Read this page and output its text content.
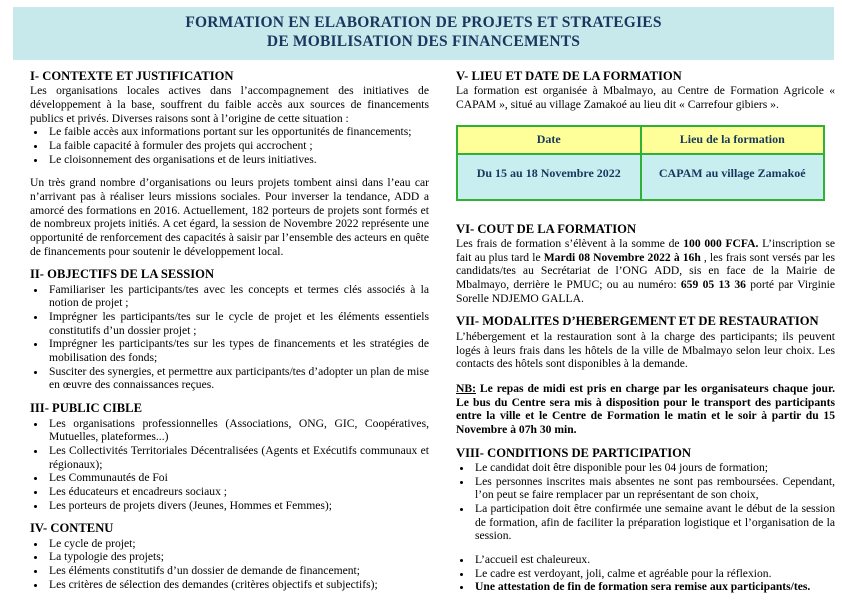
FORMATION EN ELABORATION DE PROJETS ET STRATEGIES
DE MOBILISATION DES FINANCEMENTS
I- CONTEXTE ET JUSTIFICATION

Les organisations locales actives dans l’accompagnement des initiatives de développement à la base, souffrent du faible accès aux sources de financements publics et privés. Diverses raisons sont à l’origine de cette situation :

• Le faible accès aux informations portant sur les opportunités de financements;
• La faible capacité à formuler des projets qui accrochent ;
• Le cloisonnement des organisations et de leurs initiatives.

Un très grand nombre d’organisations ou leurs projets tombent ainsi dans l’eau car n’arrivant pas à réaliser leurs missions sociales. Pour inverser la tendance, ADD a amorcé des formations en 2016. Actuellement, 182 porteurs de projets sont formés et de nombreux projets initiés. A cet égard, la session de Novembre 2022 représente une opportunité de renforcement des capacités à saisir par l’ensemble des acteurs en quête de financements pour soutenir le développement local.

II- OBJECTIFS DE LA SESSION
• Familiariser les participants/tes avec les concepts et termes clés associés à la notion de projet ;
• Imprégner les participants/tes sur le cycle de projet et les éléments essentiels constitutifs d’un dossier projet ;
• Imprégner les participants/tes sur les types de financements et les stratégies de mobilisation des fonds;
• Susciter des synergies, et permettre aux participants/tes d’adopter un plan de mise en œuvre des connaissances reçues.
III- PUBLIC CIBLE
• Les organisations professionnelles (Associations, ONG, GIC, Coopératives, Mutuelles, plateformes...)
• Les Collectivités Territoriales Décentralisées (Agents et Exécutifs communaux et régionaux);
• Les Communautés de Foi
• Les éducateurs et encadreurs sociaux ;
• Les porteurs de projets divers (Jeunes, Hommes et Femmes);
IV- CONTENU
• Le cycle de projet;
• La typologie des projets;
• Les éléments constitutifs d’un dossier de demande de financement;
• Les critères de sélection des demandes (critères objectifs et subjectifs);
V- LIEU ET DATE DE LA FORMATION

La formation est organisée à Mbalmayo, au Centre de Formation Agricole « CAPAM », situé au village Zamakoé au lieu dit « Carrefour gibiers ».

Date	Lieu de la formation
Du 15 au 18 Novembre 2022	CAPAM au village Zamakoé
VI- COUT DE LA FORMATION

Les frais de formation s’élèvent à la somme de 100 000 FCFA. L’inscription se fait au plus tard le Mardi 08 Novembre 2022 à 16h , les frais sont versés par les candidats/tes au Secrétariat de l’ONG ADD, sis en face de la Mairie de Mbalmayo, derrière le PMUC; ou au numéro: 659 05 13 36 porté par Virginie Sorelle NDJEMO GALLA.

VII- MODALITES D’HEBERGEMENT ET DE RESTAURATION

L’hébergement et la restauration sont à la charge des participants; ils peuvent logés à leurs frais dans les hôtels de la ville de Mbalmayo selon leur choix. Les contacts des hôtels sont disponibles à la demande.

NB: Le repas de midi est pris en charge par les organisateurs chaque jour. Le bus du Centre sera mis à disposition pour le transport des participants entre la ville et le Centre de Formation le matin et le soir à partir du 15 Novembre à 07h 30 min.

VIII- CONDITIONS DE PARTICIPATION
• Le candidat doit être disponible pour les 04 jours de formation;
• Les personnes inscrites mais absentes ne sont pas remboursées. Cependant, l’on peut se faire remplacer par un représentant de son choix,
• La participation doit être confirmée une semaine avant le début de la session de formation, afin de faciliter la préparation logistique et l’organisation de la session.
• L’accueil est chaleureux.
• Le cadre est verdoyant, joli, calme et agréable pour la réflexion.
• Une attestation de fin de formation sera remise aux participants/tes.
